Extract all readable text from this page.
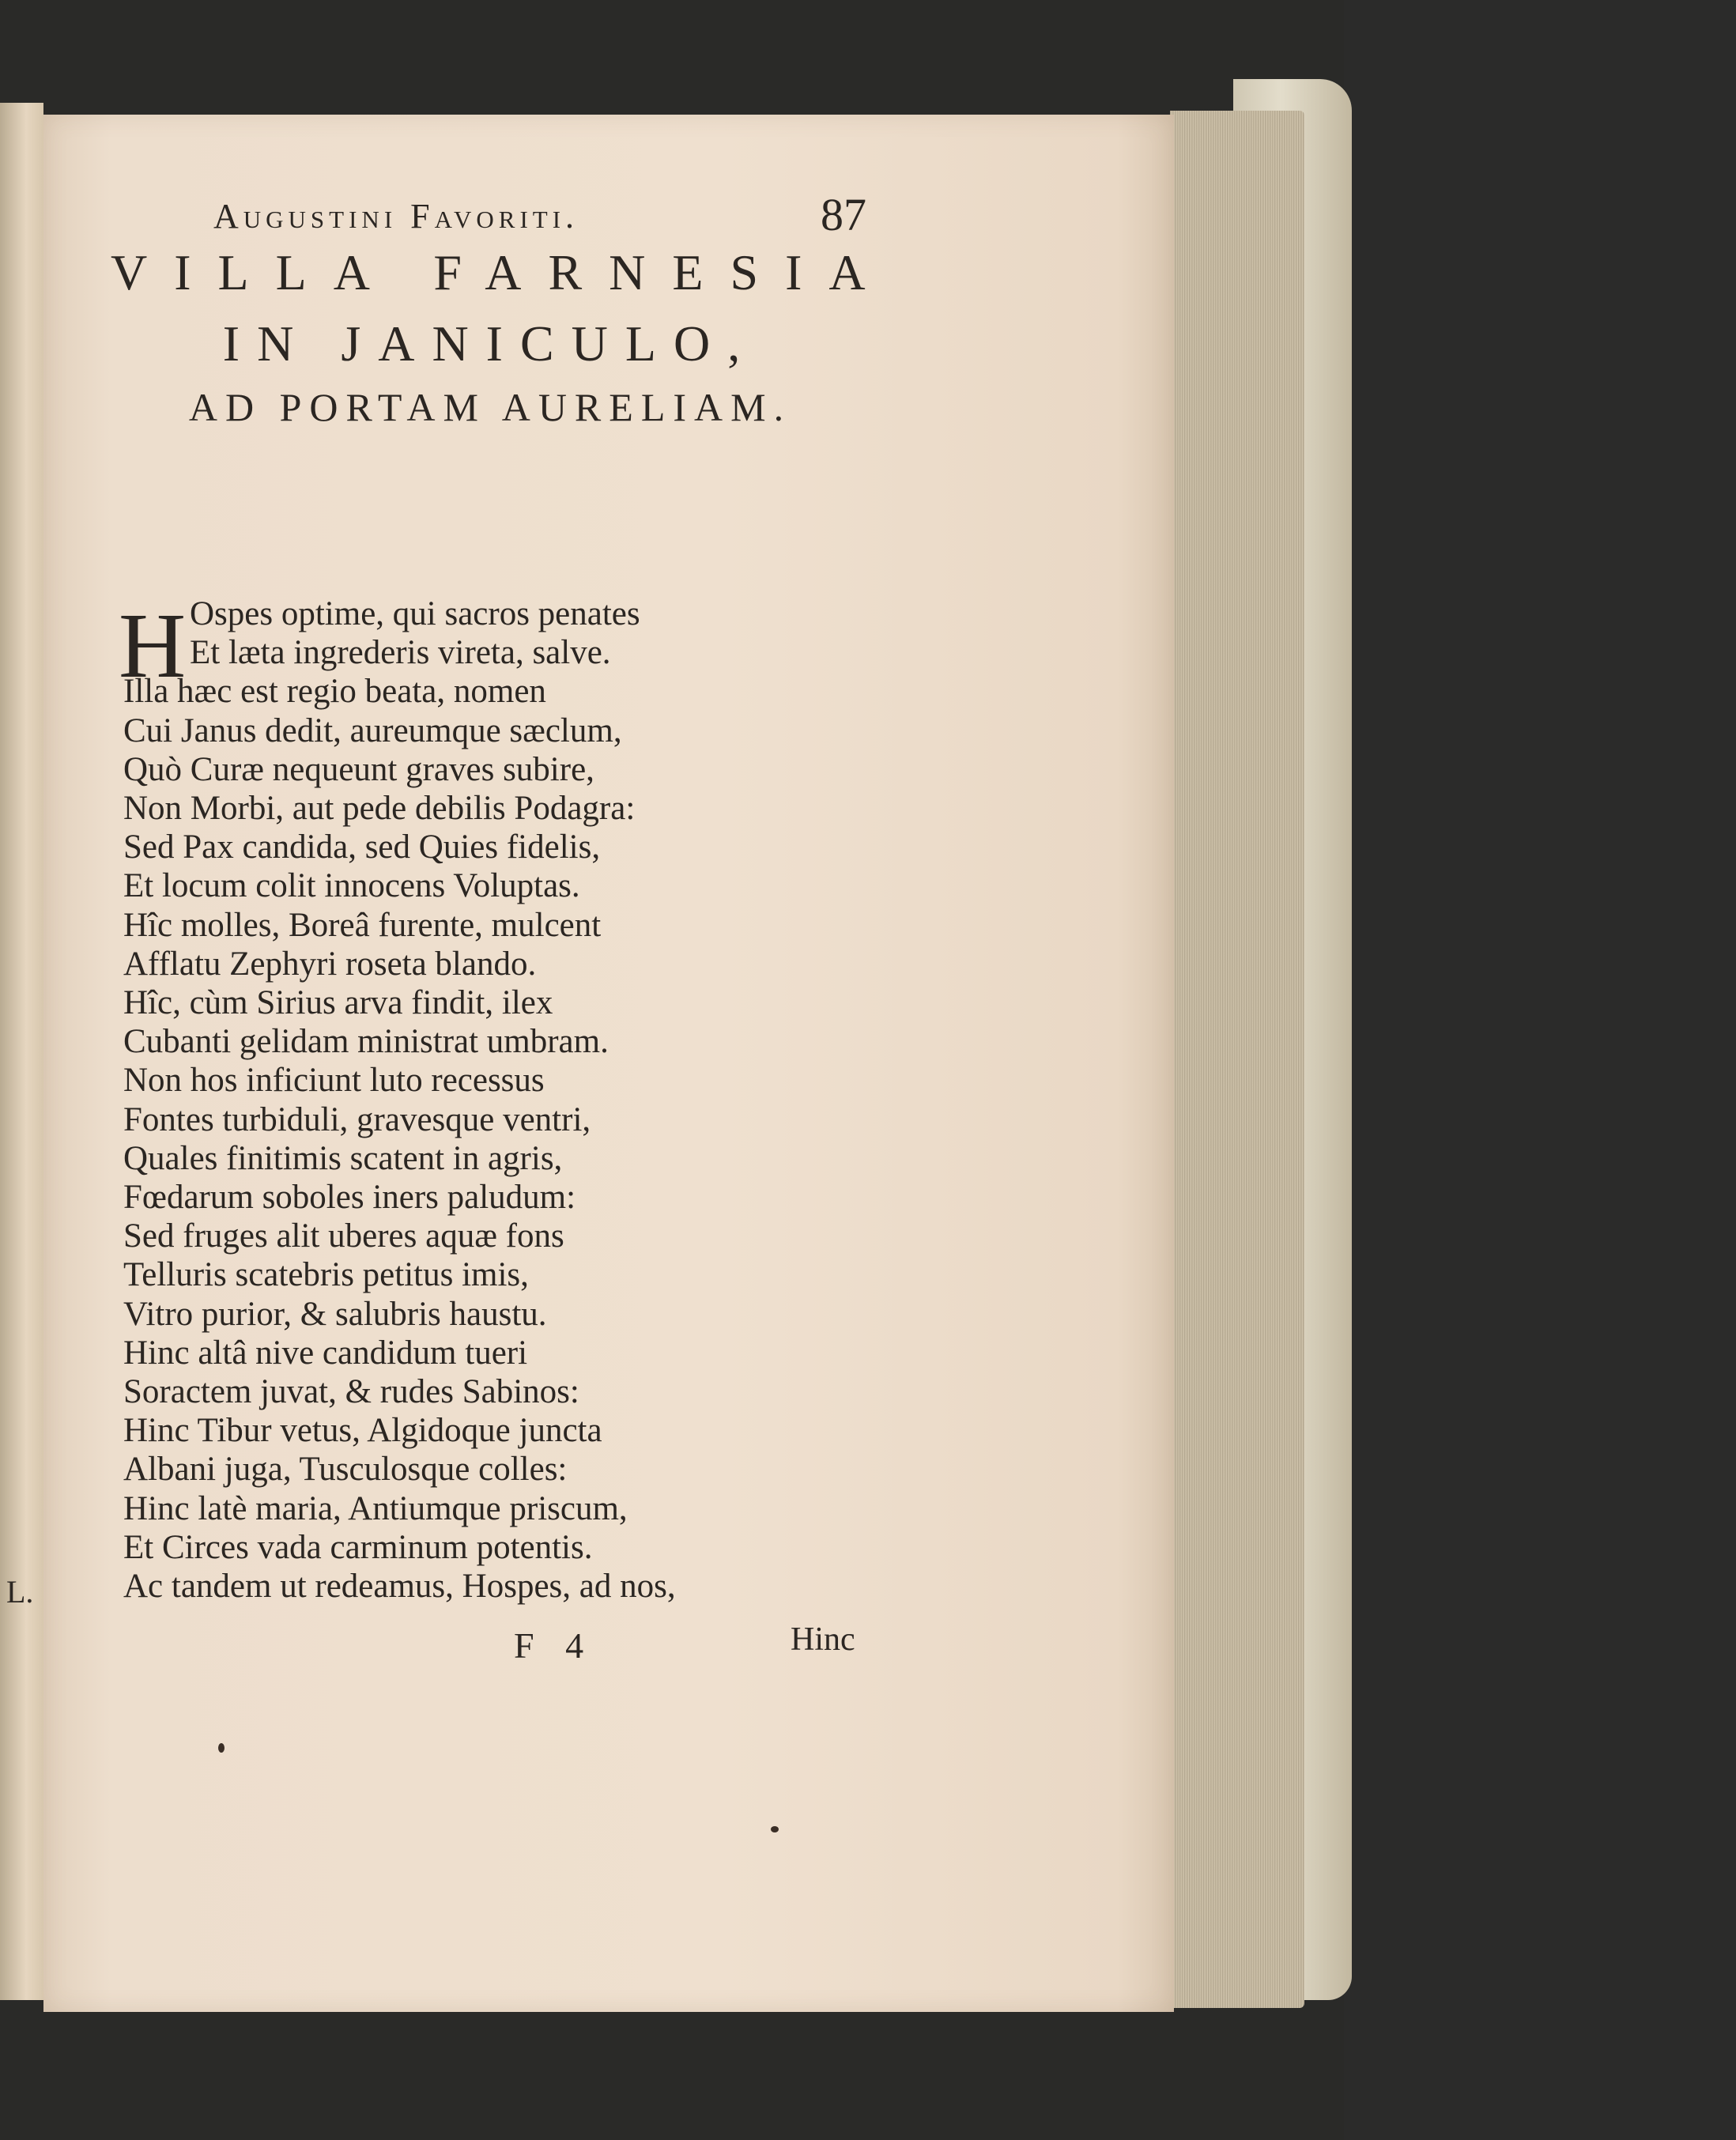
L.
Augustini Favoriti.	87
VILLA FARNESIA
IN JANICULO,
AD PORTAM AURELIAM.
H Ospes optime, qui sacros penates
Et læta ingrederis vireta, salve.
Illa hæc est regio beata, nomen
Cui Janus dedit, aureumque sæclum,
Quò Curæ nequeunt graves subire,
Non Morbi, aut pede debilis Podagra:
Sed Pax candida, sed Quies fidelis,
Et locum colit innocens Voluptas.
Hîc molles, Boreâ furente, mulcent
Afflatu Zephyri rosetа blando.
Hîc, cùm Sirius arva findit, ilex
Cubanti gelidam ministrat umbram.
Non hos inficiunt luto recessus
Fontes turbiduli, gravesque ventri,
Quales finitimis scatent in agris,
Fœdarum soboles iners paludum:
Sed fruges alit uberes aquæ fons
Telluris scatebris petitus imis,
Vitro purior, & salubris haustu.
Hinc altâ nive candidum tueri
Soractem juvat, & rudes Sabinos:
Hinc Tibur vetus, Algidoque juncta
Albani juga, Tusculosque colles:
Hinc latè maria, Antiumque priscum,
Et Circes vada carminum potentis.
Ac tandem ut redeamus, Hospes, ad nos,
F 4	Hinc
